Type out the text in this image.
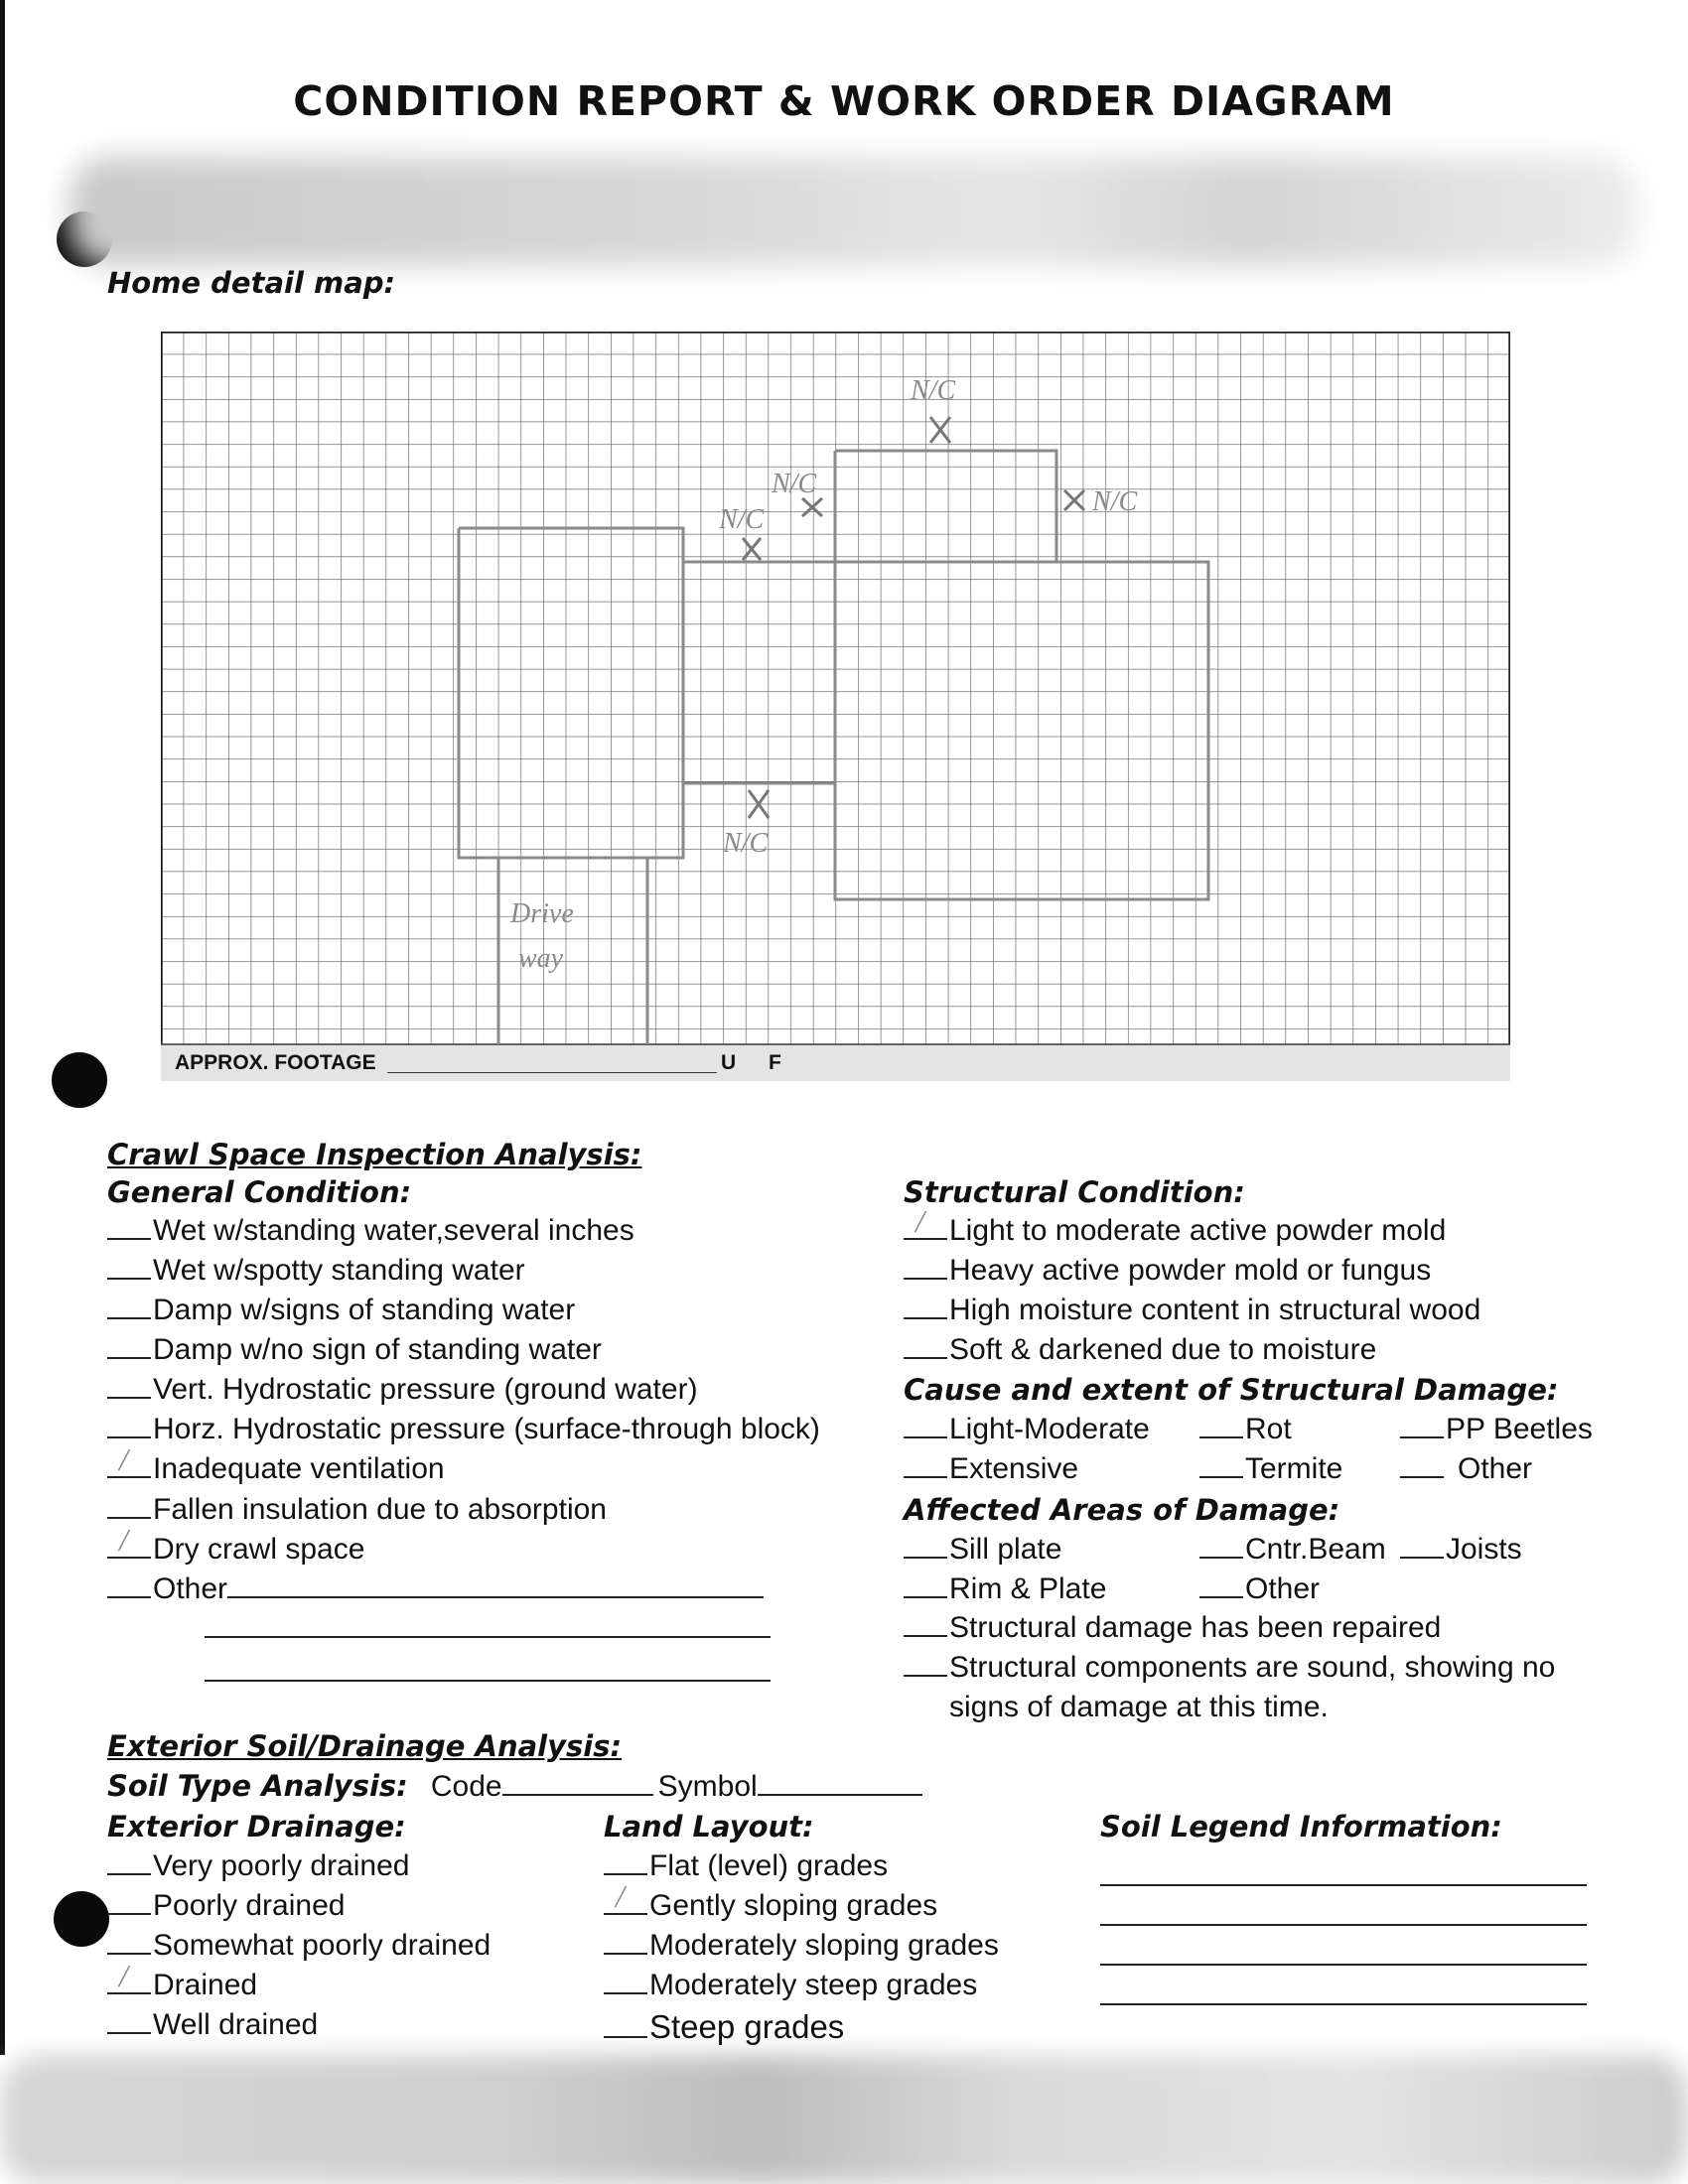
CONDITION REPORT & WORK ORDER DIAGRAM
Home detail map:
N/C
N/C
N/C
N/C
N/C
Drive
way
APPROX. FOOTAGE	U F
Crawl Space Inspection Analysis:
General Condition:
Wet w/standing water,several inches
Wet w/spotty standing water
Damp w/signs of standing water
Damp w/no sign of standing water
Vert. Hydrostatic pressure (ground water)
Horz. Hydrostatic pressure (surface-through block)
/ Inadequate ventilation
Fallen insulation due to absorption
/ Dry crawl space
Other
Structural Condition:
/ Light to moderate active powder mold
Heavy active powder mold or fungus
High moisture content in structural wood
Soft & darkened due to moisture
Cause and extent of Structural Damage:
Light-Moderate	Rot	PP Beetles
Extensive	Termite	Other
Affected Areas of Damage:
Sill plate	Cntr.Beam	Joists
Rim & Plate	Other
Structural damage has been repaired
Structural components are sound, showing no
signs of damage at this time.
Exterior Soil/Drainage Analysis:
Soil Type Analysis: Code	Symbol
Exterior Drainage:
Very poorly drained
Poorly drained
Somewhat poorly drained
/ Drained
Well drained
Land Layout:
Flat (level) grades
/ Gently sloping grades
Moderately sloping grades
Moderately steep grades
Steep grades
Soil Legend Information:
